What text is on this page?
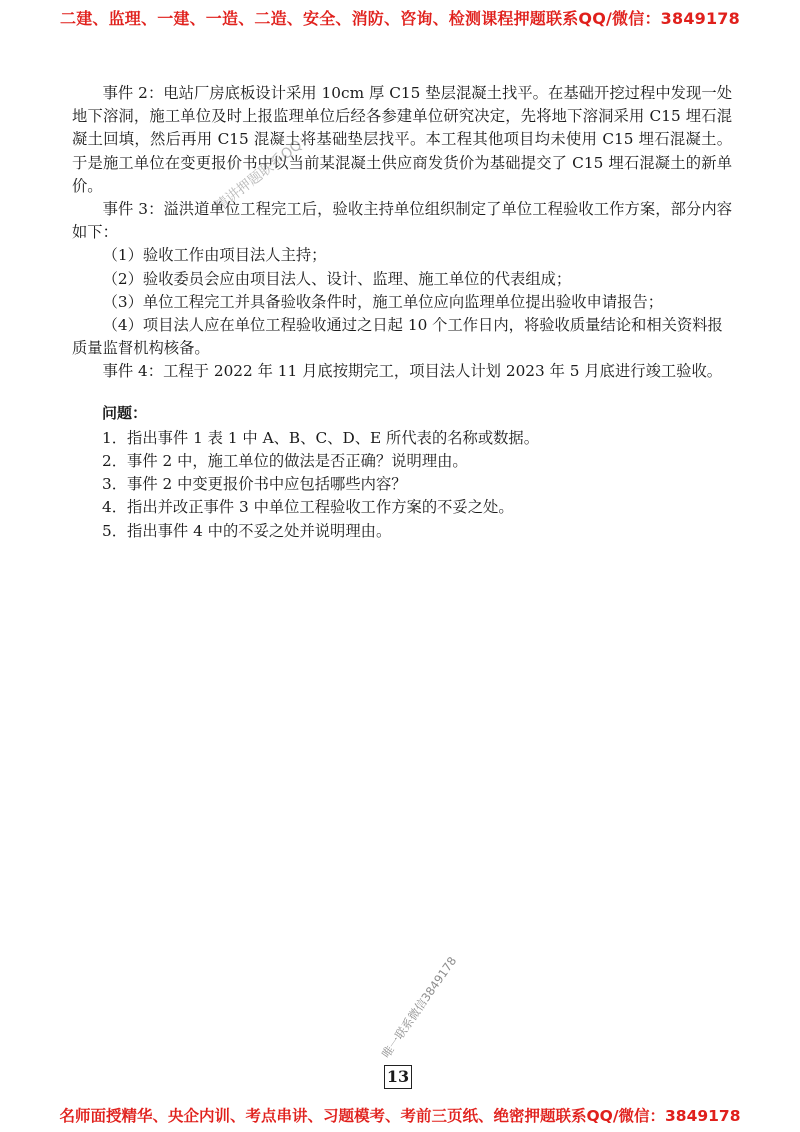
二建、监理、一建、一造、二造、安全、消防、咨询、检测课程押题联系QQ/微信：3849178

事件 2：电站厂房底板设计采用 10cm 厚 C15 垫层混凝土找平。在基础开挖过程中发现一处地下溶洞，施工单位及时上报监理单位后经各参建单位研究决定，先将地下溶洞采用 C15 埋石混凝土回填，然后再用 C15 混凝土将基础垫层找平。本工程其他项目均未使用 C15 埋石混凝土。于是施工单位在变更报价书中以当前某混凝土供应商发货价为基础提交了 C15 埋石混凝土的新单价。

事件 3：溢洪道单位工程完工后，验收主持单位组织制定了单位工程验收工作方案，部分内容如下：

（1）验收工作由项目法人主持；

（2）验收委员会应由项目法人、设计、监理、施工单位的代表组成；

（3）单位工程完工并具备验收条件时，施工单位应向监理单位提出验收申请报告；

（4）项目法人应在单位工程验收通过之日起 10 个工作日内，将验收质量结论和相关资料报质量监督机构核备。

事件 4：工程于 2022 年 11 月底按期完工，项目法人计划 2023 年 5 月底进行竣工验收。

问题：

1．指出事件 1 表 1 中 A、B、C、D、E 所代表的名称或数据。

2．事件 2 中，施工单位的做法是否正确？说明理由。

3．事件 2 中变更报价书中应包括哪些内容？

4．指出并改正事件 3 中单位工程验收工作方案的不妥之处。

5．指出事件 4 中的不妥之处并说明理由。

精讲押题联系QQ：
唯一联系微信3849178
13
名师面授精华、央企内训、考点串讲、习题模考、考前三页纸、绝密押题联系QQ/微信：3849178
